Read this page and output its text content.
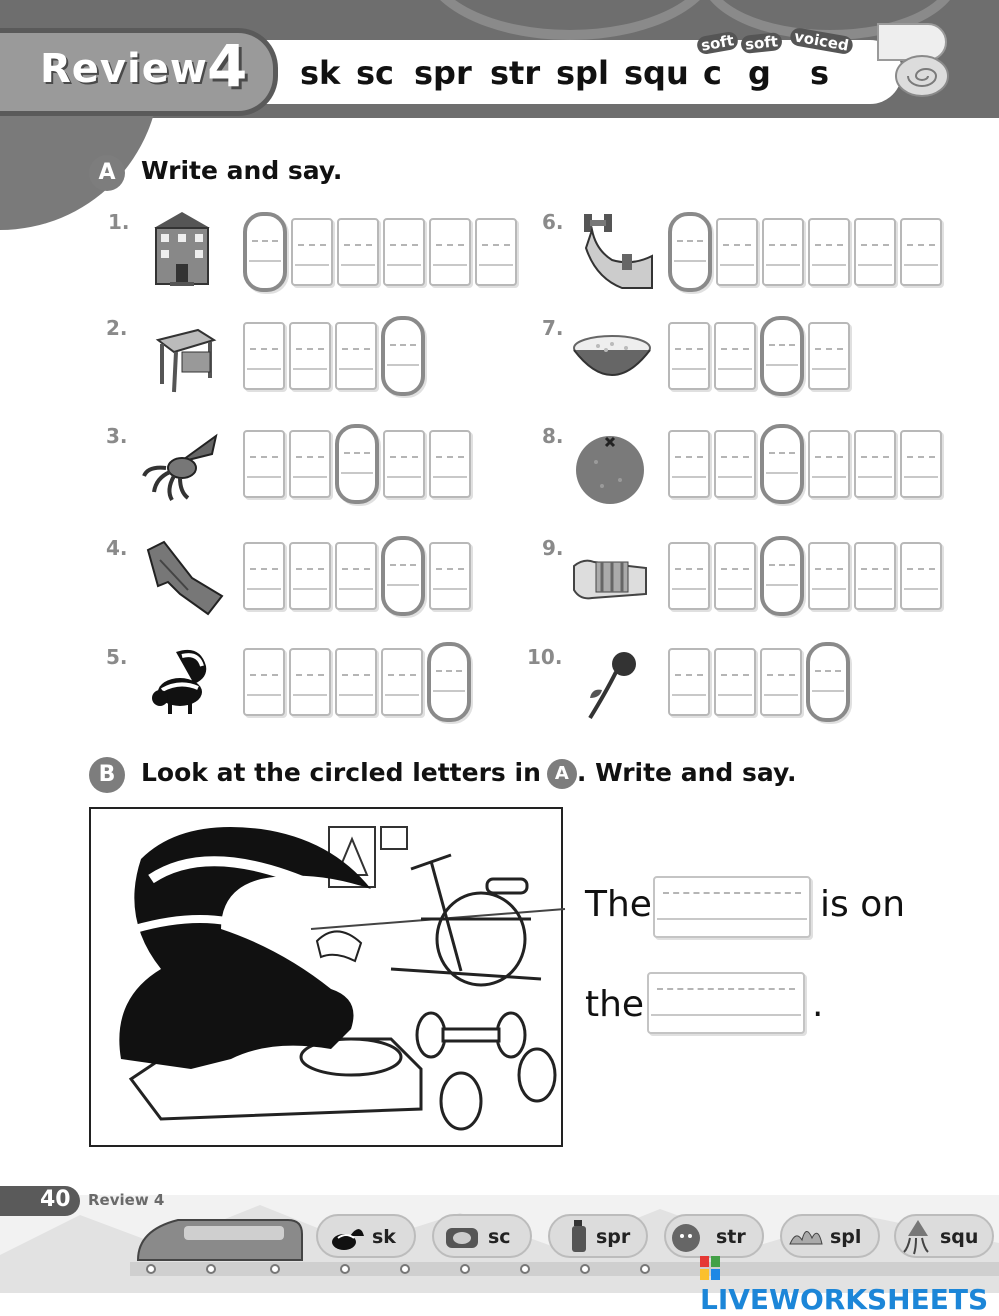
Review 4 sk sc spr str spl squ c g s
soft soft voiced
A	Write and say.
1.
2.
3.
4.
5.
6.
7.
8.
9.
10.
B	Look at the circled letters in A . Write and say.
The	is on
the	.
40 Review 4
sk	sc	spr	str	spl	squ
LIVEWORKSHEETS
